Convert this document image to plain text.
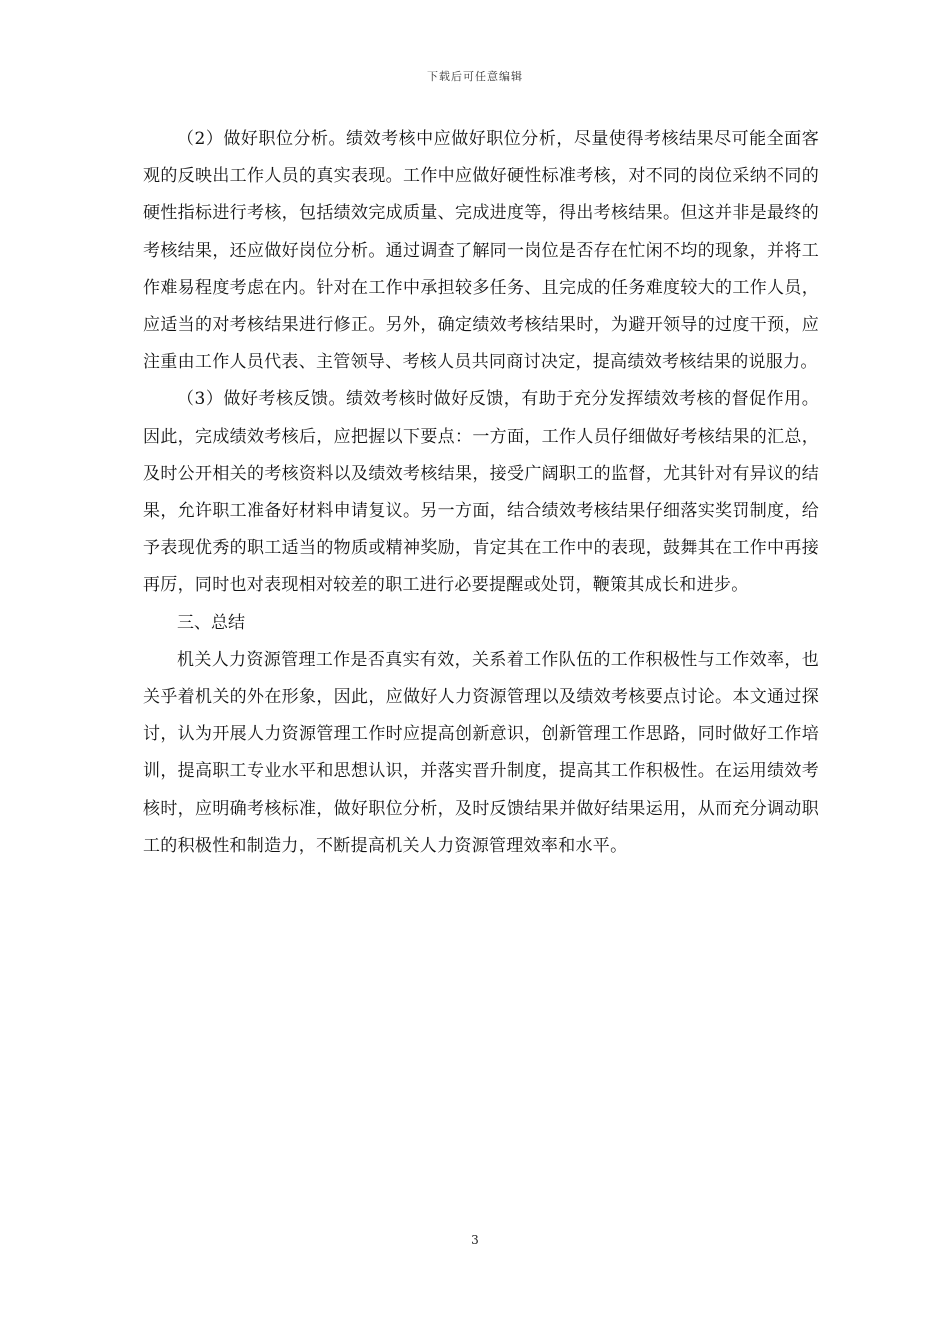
下载后可任意编辑

（2）做好职位分析。绩效考核中应做好职位分析，尽量使得考核结果尽可能全面客观的反映出工作人员的真实表现。工作中应做好硬性标准考核，对不同的岗位采纳不同的硬性指标进行考核，包括绩效完成质量、完成进度等，得出考核结果。但这并非是最终的考核结果，还应做好岗位分析。通过调查了解同一岗位是否存在忙闲不均的现象，并将工作难易程度考虑在内。针对在工作中承担较多任务、且完成的任务难度较大的工作人员，应适当的对考核结果进行修正。另外，确定绩效考核结果时，为避开领导的过度干预，应注重由工作人员代表、主管领导、考核人员共同商讨决定，提高绩效考核结果的说服力。

（3）做好考核反馈。绩效考核时做好反馈，有助于充分发挥绩效考核的督促作用。因此，完成绩效考核后，应把握以下要点：一方面，工作人员仔细做好考核结果的汇总，及时公开相关的考核资料以及绩效考核结果，接受广阔职工的监督，尤其针对有异议的结果，允许职工准备好材料申请复议。另一方面，结合绩效考核结果仔细落实奖罚制度，给予表现优秀的职工适当的物质或精神奖励，肯定其在工作中的表现，鼓舞其在工作中再接再厉，同时也对表现相对较差的职工进行必要提醒或处罚，鞭策其成长和进步。

三、总结

机关人力资源管理工作是否真实有效，关系着工作队伍的工作积极性与工作效率，也关乎着机关的外在形象，因此，应做好人力资源管理以及绩效考核要点讨论。本文通过探讨，认为开展人力资源管理工作时应提高创新意识，创新管理工作思路，同时做好工作培训，提高职工专业水平和思想认识，并落实晋升制度，提高其工作积极性。在运用绩效考核时，应明确考核标准，做好职位分析，及时反馈结果并做好结果运用，从而充分调动职工的积极性和制造力，不断提高机关人力资源管理效率和水平。

3
